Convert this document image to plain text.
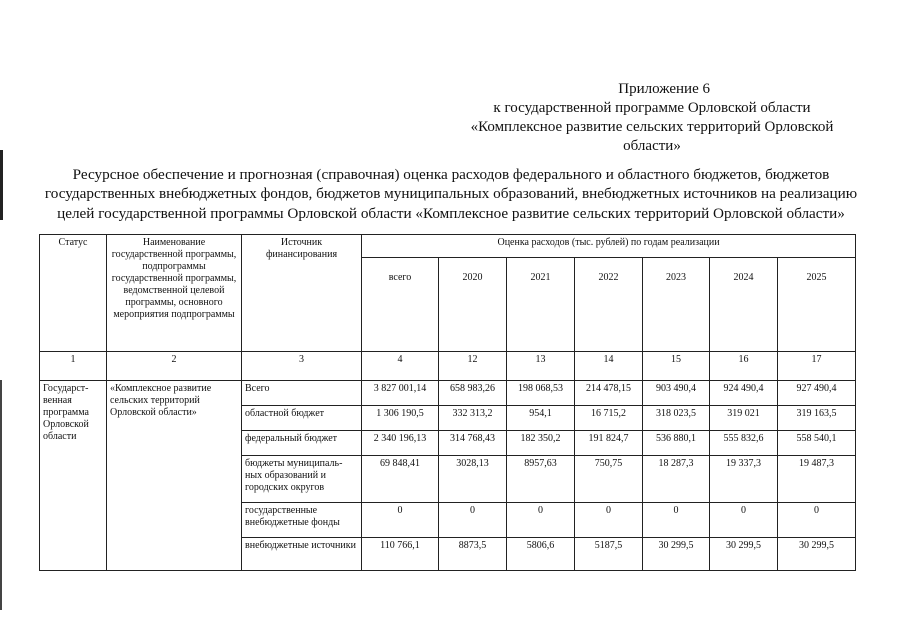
Приложение 6
к государственной программе Орловской области
«Комплексное развитие сельских территорий Орловской области»
Ресурсное обеспечение и прогнозная (справочная) оценка расходов федерального и областного бюджетов, бюджетов
государственных внебюджетных фондов, бюджетов муниципальных образований, внебюджетных источников на реализацию
целей государственной программы Орловской области «Комплексное развитие сельских территорий Орловской области»
Статус	Наименование государственной программы, подпрограммы государственной программы, ведомственной целевой программы, основного мероприятия подпрограммы	Источник финансирования	Оценка расходов (тыс. рублей) по годам реализации						
			всего	2020	2021	2022	2023	2024	2025
1	2	3	4	12	13	14	15	16	17
Государст-венная программа Орловской области	«Комплексное развитие сельских территорий Орловской области»	Всего	3 827 001,14	658 983,26	198 068,53	214 478,15	903 490,4	924 490,4	927 490,4
		областной бюджет	1 306 190,5	332 313,2	954,1	16 715,2	318 023,5	319 021	319 163,5
		федеральный бюджет	2 340 196,13	314 768,43	182 350,2	191 824,7	536 880,1	555 832,6	558 540,1
		бюджеты муниципаль-ных образований и городских округов	69 848,41	3028,13	8957,63	750,75	18 287,3	19 337,3	19 487,3
		государственные внебюджетные фонды	0	0	0	0	0	0	0
		внебюджетные источники	110 766,1	8873,5	5806,6	5187,5	30 299,5	30 299,5	30 299,5
